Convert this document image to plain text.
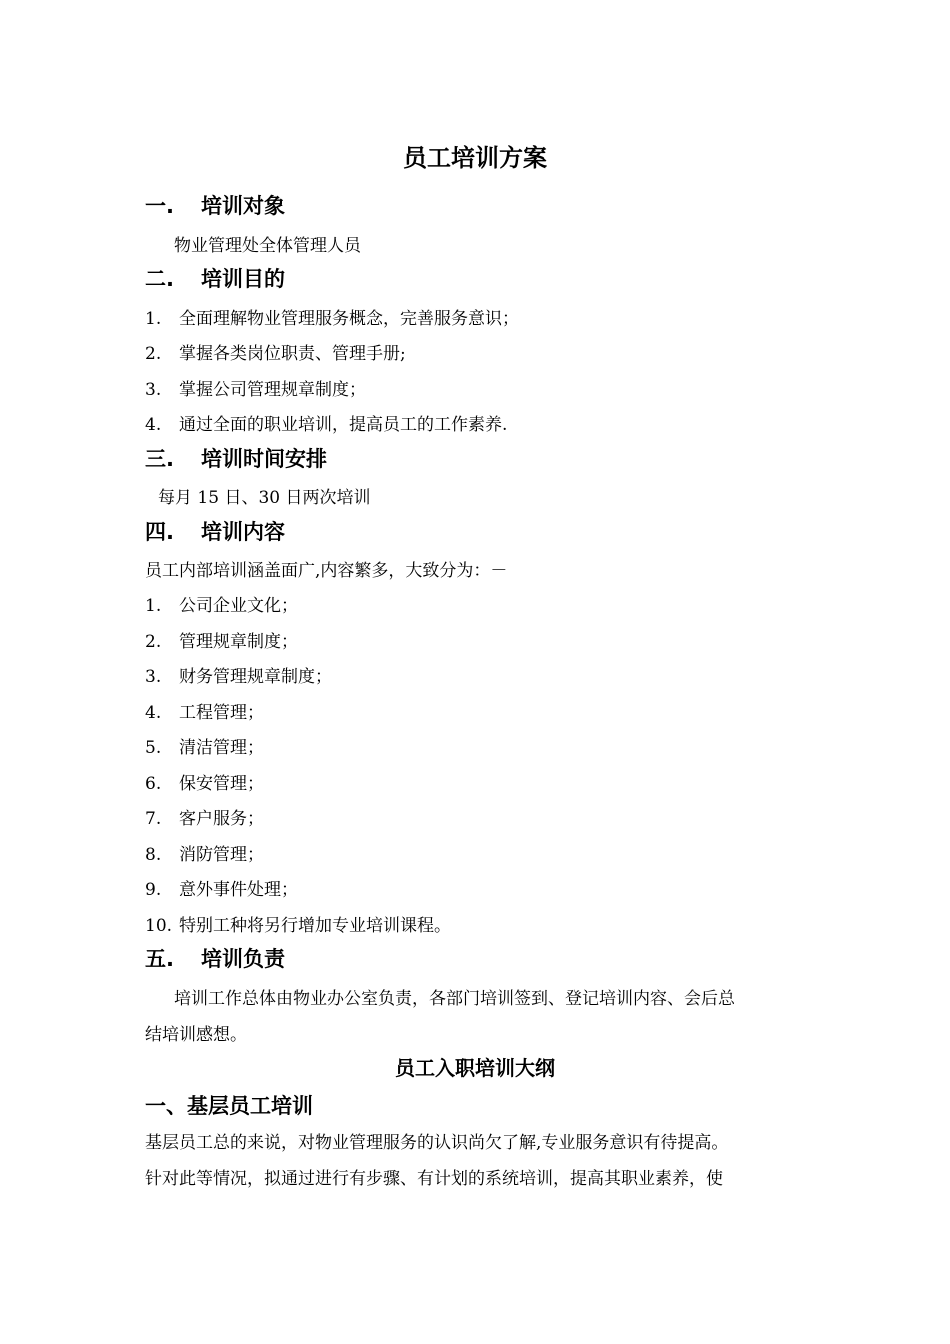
员工培训方案
一. 培训对象
物业管理处全体管理人员
二. 培训目的
1. 全面理解物业管理服务概念，完善服务意识；
2. 掌握各类岗位职责、管理手册;
3. 掌握公司管理规章制度；
4. 通过全面的职业培训，提高员工的工作素养.
三. 培训时间安排
每月 15 日、30 日两次培训
四. 培训内容
员工内部培训涵盖面广,内容繁多，大致分为：－
1. 公司企业文化；
2. 管理规章制度；
3. 财务管理规章制度；
4. 工程管理；
5. 清洁管理；
6. 保安管理；
7. 客户服务；
8. 消防管理；
9. 意外事件处理；
10. 特别工种将另行增加专业培训课程。
五. 培训负责
培训工作总体由物业办公室负责，各部门培训签到、登记培训内容、会后总
结培训感想。
员工入职培训大纲
一、基层员工培训
基层员工总的来说，对物业管理服务的认识尚欠了解,专业服务意识有待提高。
针对此等情况，拟通过进行有步骤、有计划的系统培训，提高其职业素养，使
